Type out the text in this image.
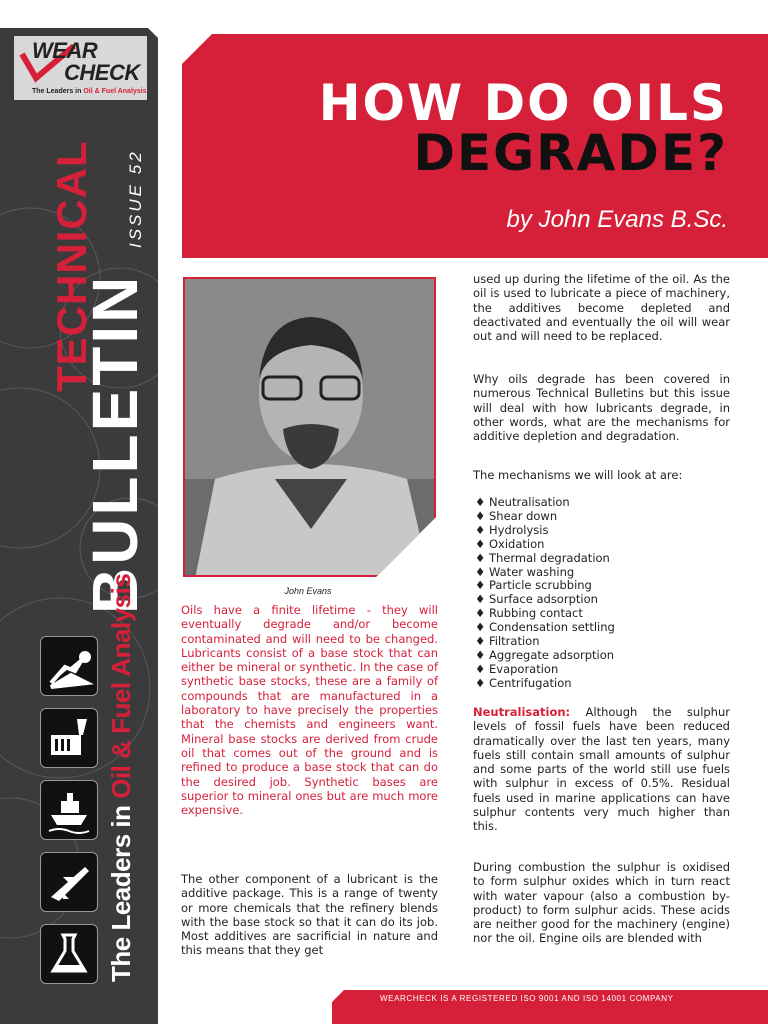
WEAR
CHECK
The Leaders in Oil & Fuel Analysis
TECHNICAL
BULLETIN
ISSUE 52
The Leaders in Oil & Fuel Analysis
HOW DO OILS
DEGRADE?
by John Evans B.Sc.
John Evans
Oils have a finite lifetime - they will eventually degrade and/or become contaminated and will need to be changed. Lubricants consist of a base stock that can either be mineral or synthetic. In the case of synthetic base stocks, these are a family of compounds that are manufactured in a laboratory to have precisely the properties that the chemists and engineers want. Mineral base stocks are derived from crude oil that comes out of the ground and is refined to produce a base stock that can do the desired job. Synthetic bases are superior to mineral ones but are much more expensive.
The other component of a lubricant is the additive package. This is a range of twenty or more chemicals that the refinery blends with the base stock so that it can do its job. Most additives are sacrificial in nature and this means that they get
used up during the lifetime of the oil. As the oil is used to lubricate a piece of machinery, the additives become depleted and deactivated and eventually the oil will wear out and will need to be replaced.
Why oils degrade has been covered in numerous Technical Bulletins but this issue will deal with how lubricants degrade, in other words, what are the mechanisms for additive depletion and degradation.
The mechanisms we will look at are:
♦ Neutralisation
♦ Shear down
♦ Hydrolysis
♦ Oxidation
♦ Thermal degradation
♦ Water washing
♦ Particle scrubbing
♦ Surface adsorption
♦ Rubbing contact
♦ Condensation settling
♦ Filtration
♦ Aggregate adsorption
♦ Evaporation
♦ Centrifugation
Neutralisation: Although the sulphur levels of fossil fuels have been reduced dramatically over the last ten years, many fuels still contain small amounts of sulphur and some parts of the world still use fuels with sulphur in excess of 0.5%. Residual fuels used in marine applications can have sulphur contents very much higher than this.
During combustion the sulphur is oxidised to form sulphur oxides which in turn react with water vapour (also a combustion by-product) to form sulphur acids. These acids are neither good for the machinery (engine) nor the oil. Engine oils are blended with
WEARCHECK IS A REGISTERED ISO 9001 AND ISO 14001 COMPANY
